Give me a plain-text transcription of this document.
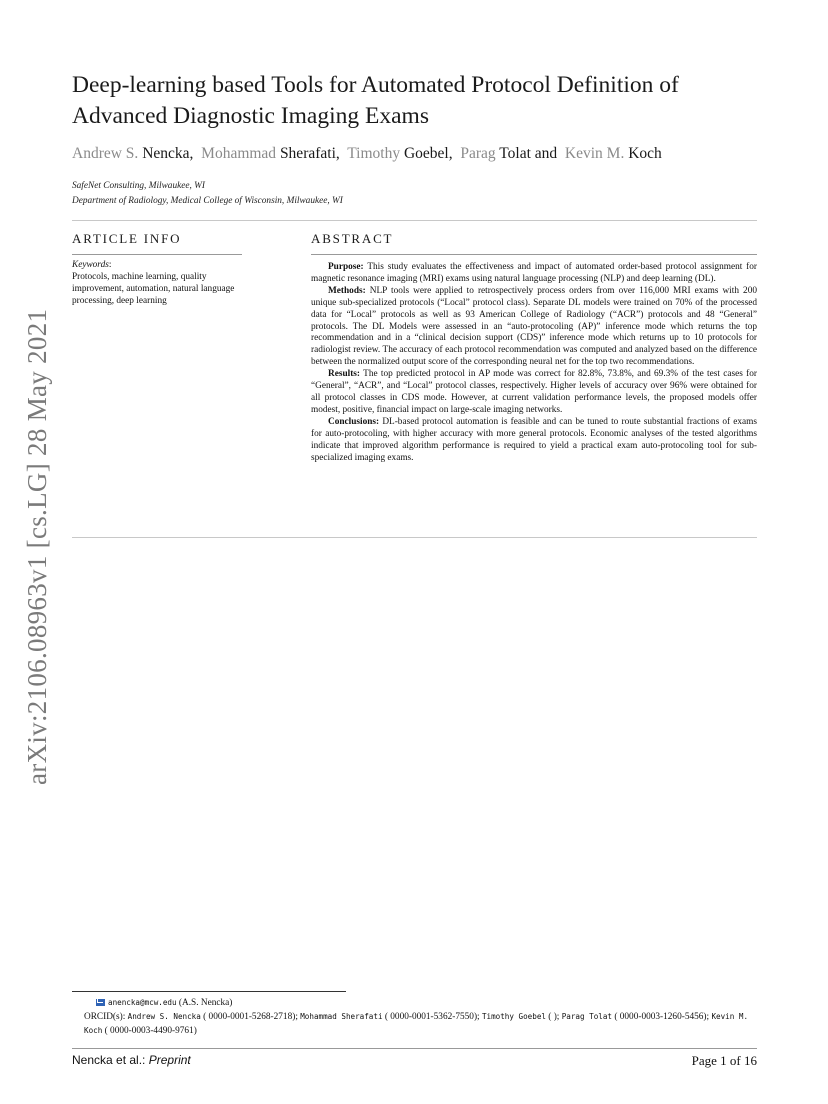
arXiv:2106.08963v1 [cs.LG] 28 May 2021
Deep-learning based Tools for Automated Protocol Definition of
Advanced Diagnostic Imaging Exams
Andrew S. Nencka, Mohammad Sherafati, Timothy Goebel, Parag Tolat and Kevin M. Koch
SafeNet Consulting, Milwaukee, WI
Department of Radiology, Medical College of Wisconsin, Milwaukee, WI
ARTICLE INFO
Keywords:
Protocols, machine learning, quality improvement, automation, natural language processing, deep learning
ABSTRACT

Purpose: This study evaluates the effectiveness and impact of automated order-based protocol assignment for magnetic resonance imaging (MRI) exams using natural language processing (NLP) and deep learning (DL).

Methods: NLP tools were applied to retrospectively process orders from over 116,000 MRI exams with 200 unique sub-specialized protocols (“Local” protocol class). Separate DL models were trained on 70% of the processed data for “Local” protocols as well as 93 American College of Radiology (“ACR”) protocols and 48 “General” protocols. The DL Models were assessed in an “auto-protocoling (AP)” inference mode which returns the top recommendation and in a “clinical decision support (CDS)” inference mode which returns up to 10 protocols for radiologist review. The accuracy of each protocol recommendation was computed and analyzed based on the difference between the normalized output score of the corresponding neural net for the top two recommendations.

Results: The top predicted protocol in AP mode was correct for 82.8%, 73.8%, and 69.3% of the test cases for “General”, “ACR”, and “Local” protocol classes, respectively. Higher levels of accuracy over 96% were obtained for all protocol classes in CDS mode. However, at current validation performance levels, the proposed models offer modest, positive, financial impact on large-scale imaging networks.

Conclusions: DL-based protocol automation is feasible and can be tuned to route substantial fractions of exams for auto-protocoling, with higher accuracy with more general protocols. Economic analyses of the tested algorithms indicate that improved algorithm performance is required to yield a practical exam auto-protocoling tool for sub-specialized imaging exams.

anencka@mcw.edu (A.S. Nencka)
ORCID(s): Andrew S. Nencka ( 0000-0001-5268-2718); Mohammad Sherafati ( 0000-0001-5362-7550); Timothy Goebel ( ); Parag Tolat ( 0000-0003-1260-5456); Kevin M. Koch ( 0000-0003-4490-9761)
Nencka et al.: Preprint	Page 1 of 16
